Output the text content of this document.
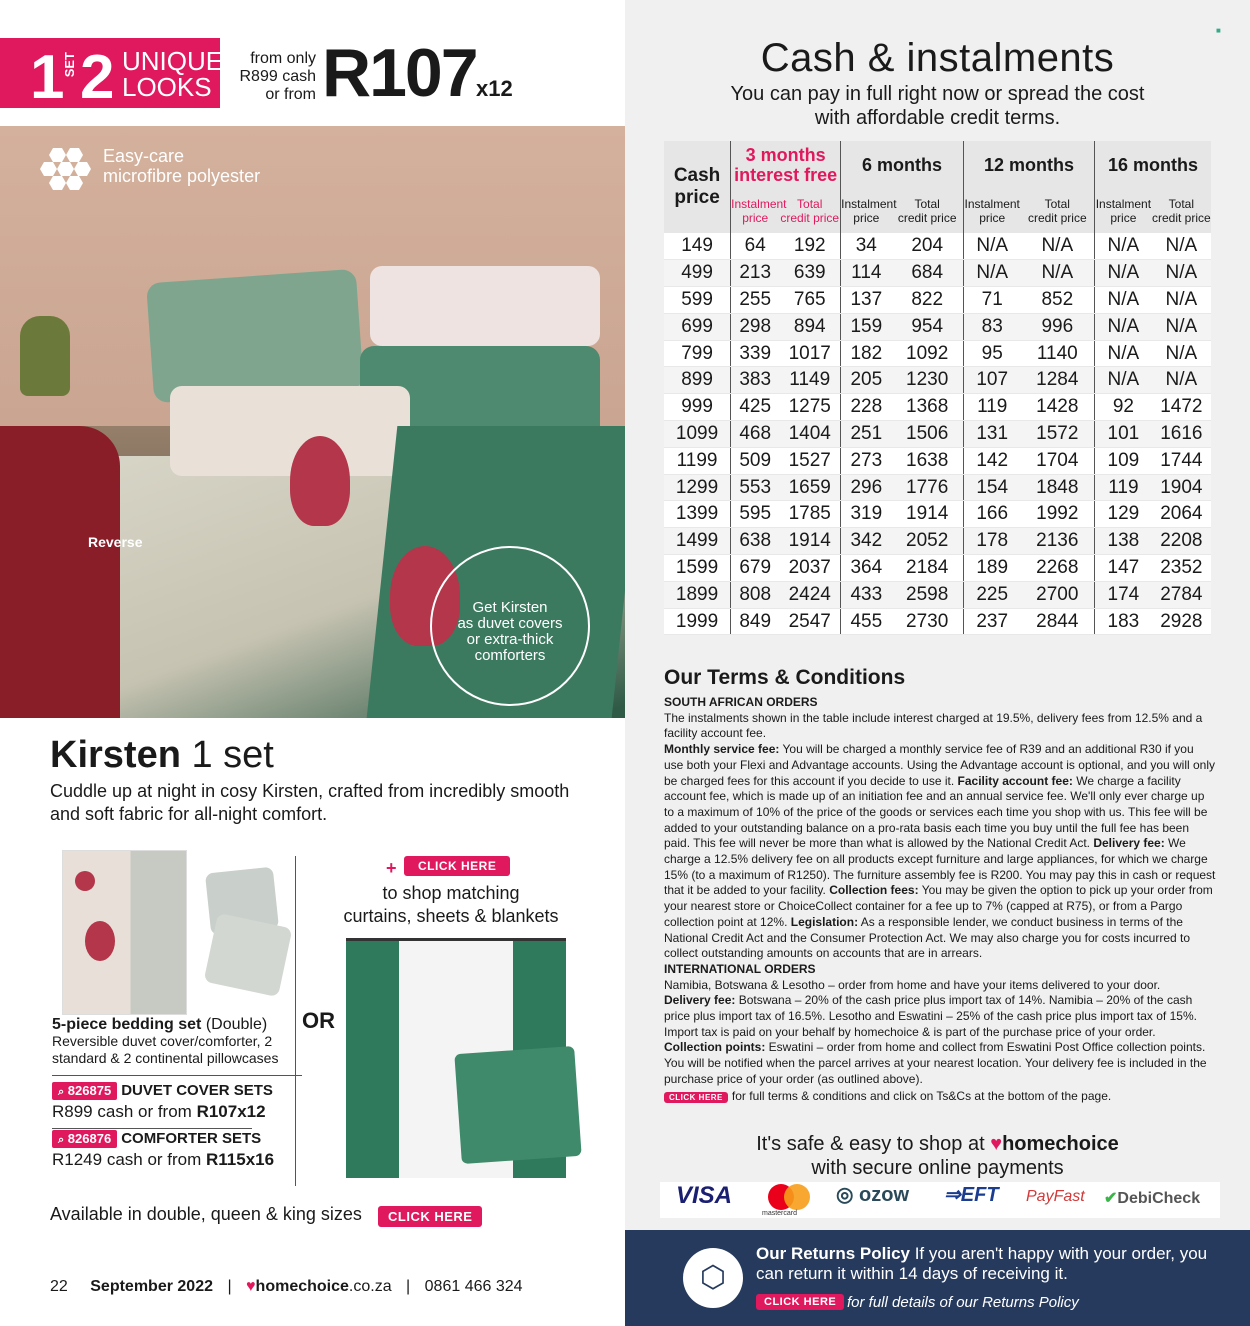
1
SET 2 UNIQUE
LOOKS
from only
R899 cash
or from R107 x12
Easy-care
microfibre polyester
Reverse
Get Kirsten
as duvet covers
or extra-thick
comforters
Kirsten 1 set
Cuddle up at night in cosy Kirsten, crafted from incredibly smooth and soft fabric for all-night comfort.
+	CLICK HERE
to shop matching
curtains, sheets & blankets
OR
5-piece bedding set (Double)
Reversible duvet cover/comforter, 2 standard & 2 continental pillowcases
⌕ 826875 DUVET COVER SETS
R899 cash or from R107x12
⌕ 826876 COMFORTER SETS
R1249 cash or from R115x16
Available in double, queen & king sizes	CLICK HERE
22 September 2022 | ♥homechoice.co.za | 0861 466 324
■
Cash & instalments
You can pay in full right now or spread the cost
with affordable credit terms.
Cash
price	3 months
interest free		6 months		12 months		16 months	
	Instalment
price	Total
credit price	Instalment
price	Total
credit price	Instalment
price	Total
credit price	Instalment
price	Total
credit price
149	64	192	34	204	N/A	N/A	N/A	N/A
499	213	639	114	684	N/A	N/A	N/A	N/A
599	255	765	137	822	71	852	N/A	N/A
699	298	894	159	954	83	996	N/A	N/A
799	339	1017	182	1092	95	1140	N/A	N/A
899	383	1149	205	1230	107	1284	N/A	N/A
999	425	1275	228	1368	119	1428	92	1472
1099	468	1404	251	1506	131	1572	101	1616
1199	509	1527	273	1638	142	1704	109	1744
1299	553	1659	296	1776	154	1848	119	1904
1399	595	1785	319	1914	166	1992	129	2064
1499	638	1914	342	2052	178	2136	138	2208
1599	679	2037	364	2184	189	2268	147	2352
1899	808	2424	433	2598	225	2700	174	2784
1999	849	2547	455	2730	237	2844	183	2928
Our Terms & Conditions
SOUTH AFRICAN ORDERS
The instalments shown in the table include interest charged at 19.5%, delivery fees from 12.5% and a facility account fee.
Monthly service fee: You will be charged a monthly service fee of R39 and an additional R30 if you use both your Flexi and Advantage accounts. Using the Advantage account is optional, and you will only be charged fees for this account if you decide to use it. Facility account fee: We charge a facility account fee, which is made up of an initiation fee and an annual service fee. We'll only ever charge up to a maximum of 10% of the price of the goods or services each time you shop with us. This fee will be added to your outstanding balance on a pro-rata basis each time you buy until the full fee has been paid. This fee will never be more than what is allowed by the National Credit Act. Delivery fee: We charge a 12.5% delivery fee on all products except furniture and large appliances, for which we charge 15% (to a maximum of R1250). The furniture assembly fee is R200. You may pay this in cash or request that it be added to your facility. Collection fees: You may be given the option to pick up your order from your nearest store or ChoiceCollect container for a fee up to 7% (capped at R75), or from a Pargo collection point at 12%. Legislation: As a responsible lender, we conduct business in terms of the National Credit Act and the Consumer Protection Act. We may also charge you for costs incurred to collect outstanding amounts on accounts that are in arrears.
INTERNATIONAL ORDERS
Namibia, Botswana & Lesotho – order from home and have your items delivered to your door.
Delivery fee: Botswana – 20% of the cash price plus import tax of 14%. Namibia – 20% of the cash price plus import tax of 16.5%. Lesotho and Eswatini – 25% of the cash price plus import tax of 15%. Import tax is paid on your behalf by homechoice & is part of the purchase price of your order.
Collection points: Eswatini – order from home and collect from Eswatini Post Office collection points. You will be notified when the parcel arrives at your nearest location. Your delivery fee is included in the purchase price of your order (as outlined above).
CLICK HERE for full terms & conditions and click on Ts&Cs at the bottom of the page.
It's safe & easy to shop at ♥homechoice
with secure online payments
VISA
mastercard
◎ ozow ⇒EFT PayFast ✔DebiCheck
⬡
Our Returns Policy If you aren't happy with your order, you can return it within 14 days of receiving it.
CLICK HERE for full details of our Returns Policy
